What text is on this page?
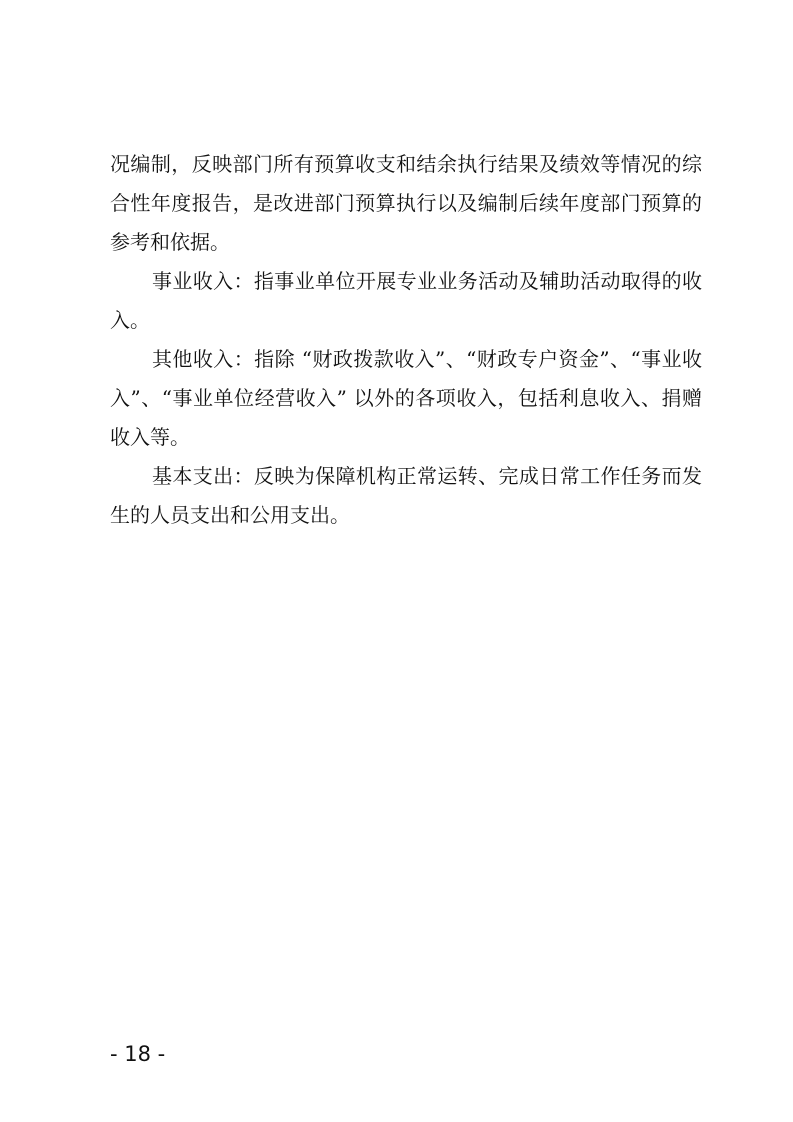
况编制，反映部门所有预算收支和结余执行结果及绩效等情况的综
合性年度报告，是改进部门预算执行以及编制后续年度部门预算的
参考和依据。
事业收入：指事业单位开展专业业务活动及辅助活动取得的收
入。
其他收入：指除 “财政拨款收入”、“财政专户资金”、“事业收
入”、“事业单位经营收入” 以外的各项收入，包括利息收入、捐赠
收入等。
基本支出：反映为保障机构正常运转、完成日常工作任务而发
生的人员支出和公用支出。
- 18 -
